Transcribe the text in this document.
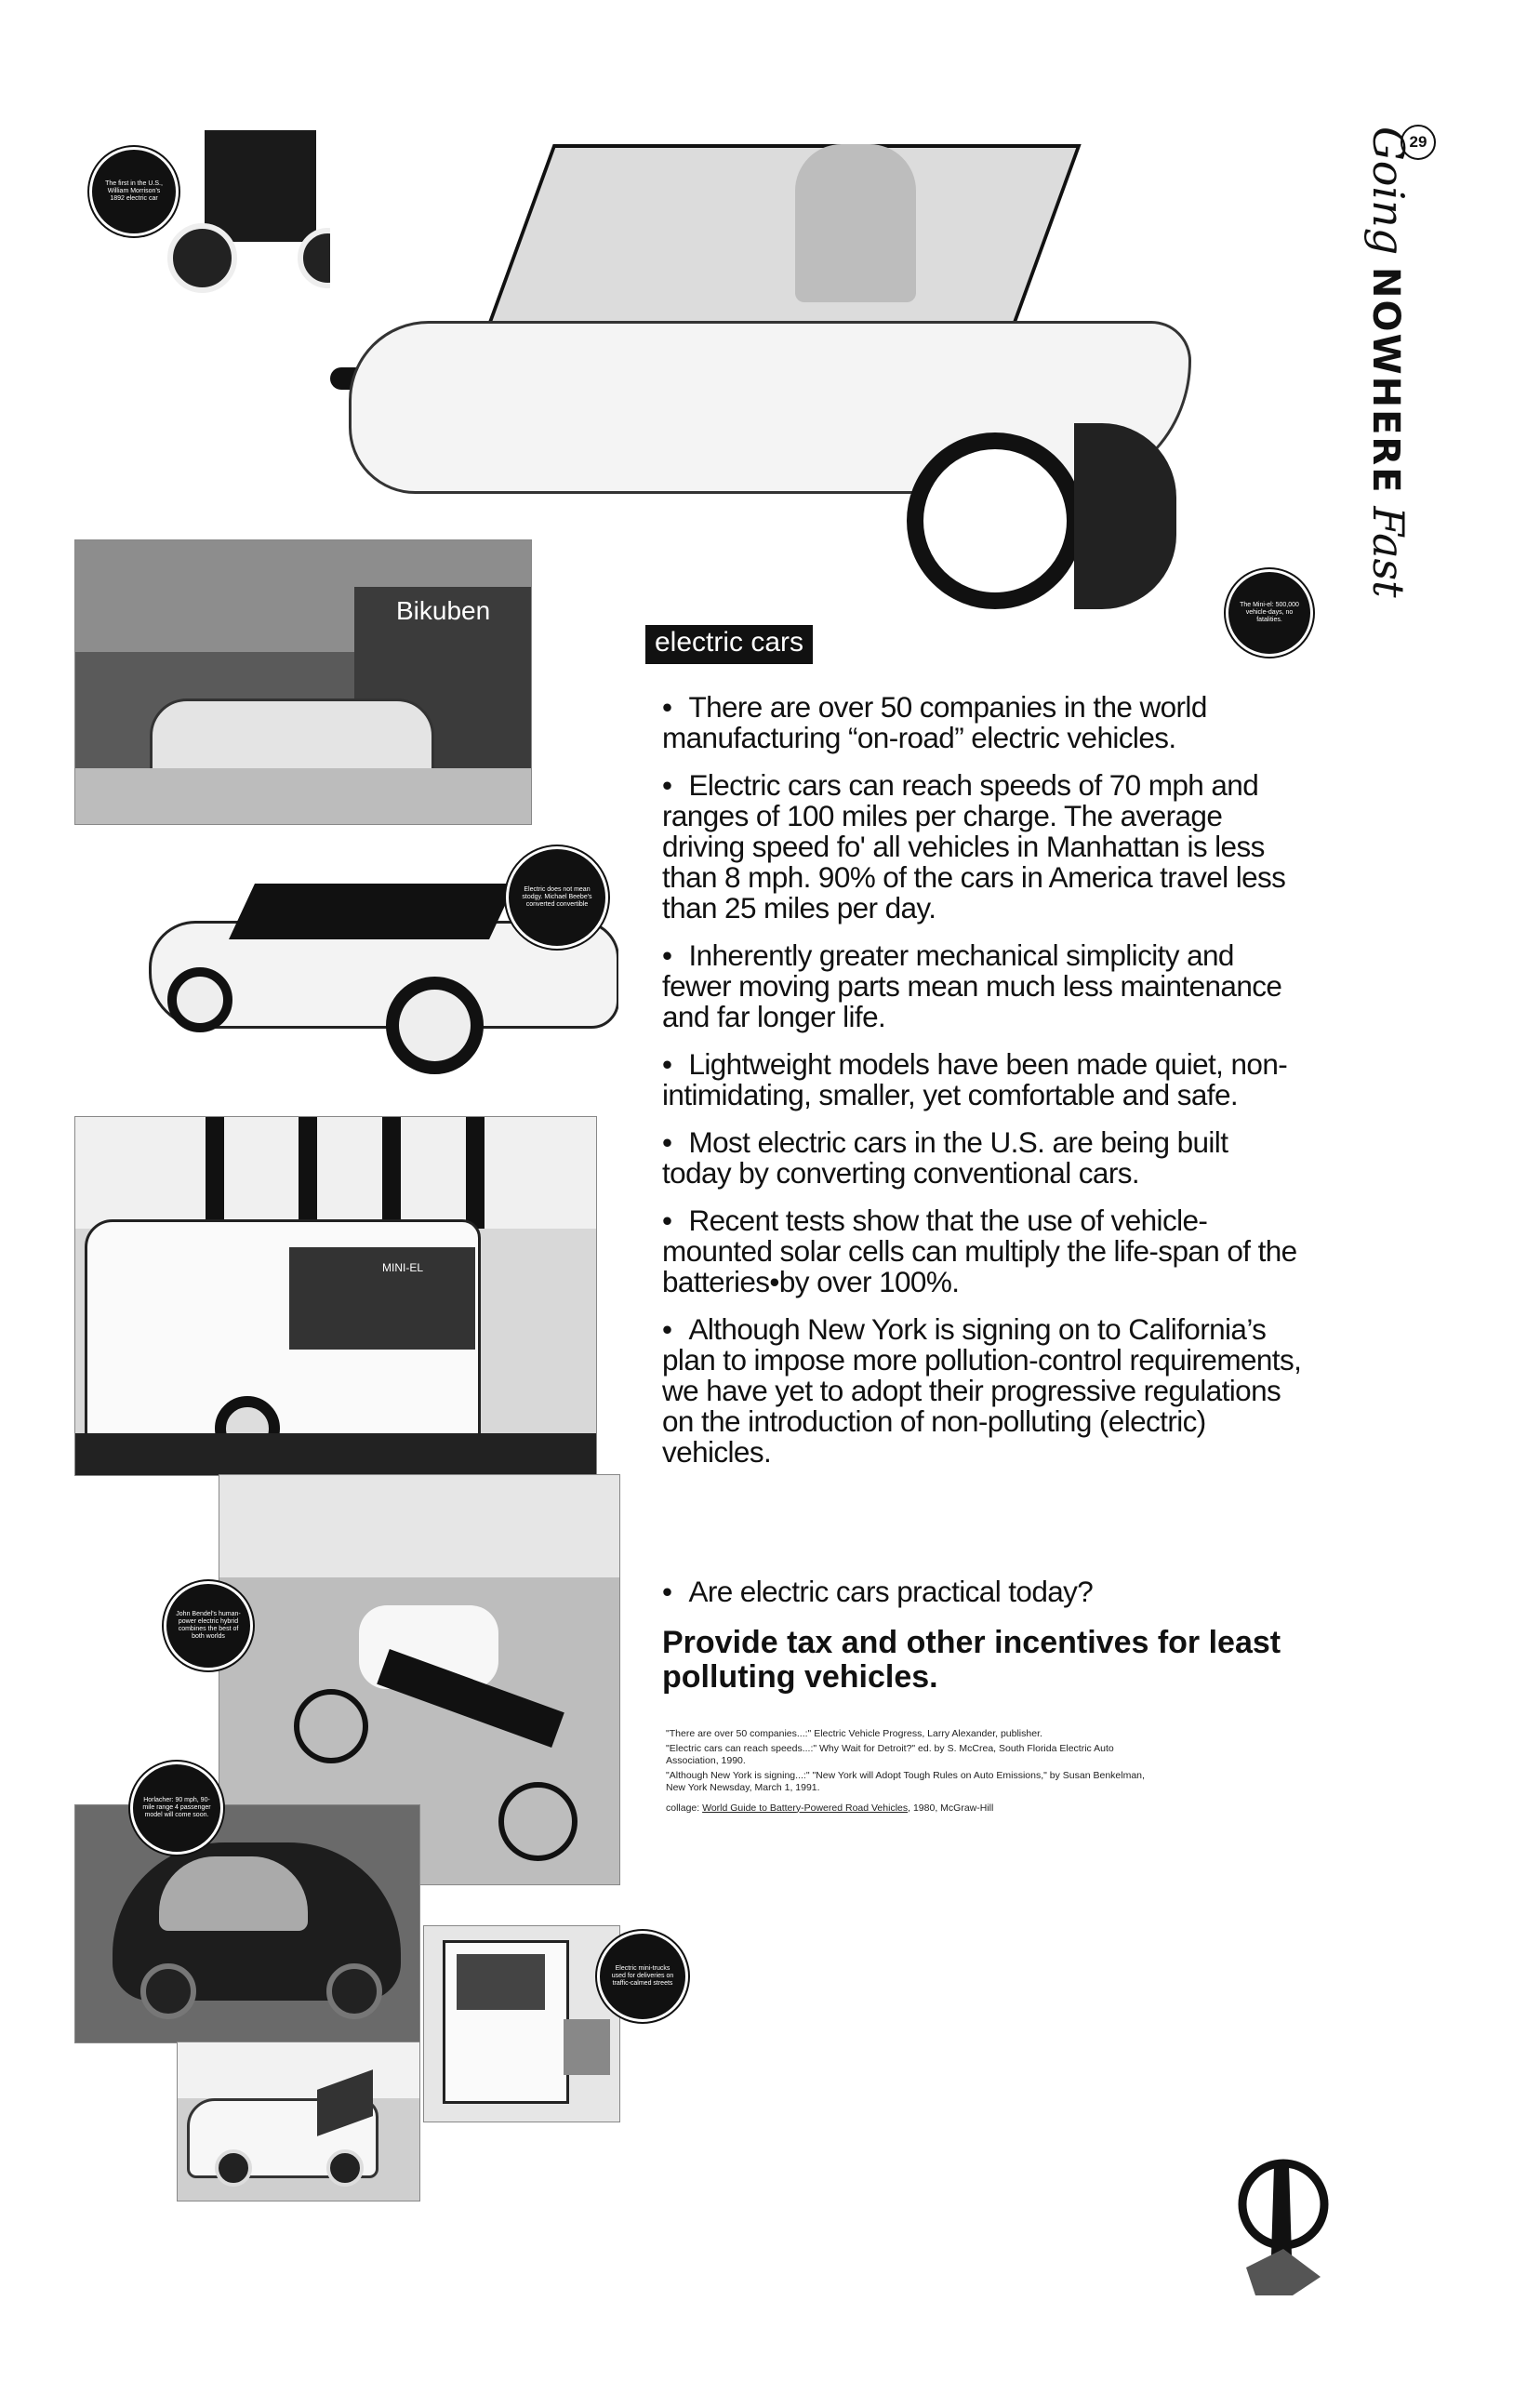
29
Going NOWHERE Fast
The first in the U.S., William Morrison's 1892 electric car
The Mini-el: 500,000 vehicle-days, no fatalities.
Bikuben
Electric does not mean stodgy. Michael Beebe's converted convertible
MINI-EL
John Bendel's human-power electric hybrid combines the best of both worlds
Horlacher: 90 mph, 90-mile range 4 passenger model will come soon.
Electric mini-trucks used for deliveries on traffic-calmed streets
electric cars
• There are over 50 companies in the world manufacturing “on-road” electric vehicles.
• Electric cars can reach speeds of 70 mph and ranges of 100 miles per charge. The average driving speed fo' all vehicles in Manhattan is less than 8 mph. 90% of the cars in America travel less than 25 miles per day.
• Inherently greater mechanical simplicity and fewer moving parts mean much less maintenance and far longer life.
• Lightweight models have been made quiet, non-intimidating, smaller, yet comfortable and safe.
• Most electric cars in the U.S. are being built today by converting conventional cars.
• Recent tests show that the use of vehicle-mounted solar cells can multiply the life-span of the batteries•by over 100%.
• Although New York is signing on to California’s plan to impose more pollution-control requirements, we have yet to adopt their progressive regulations on the introduction of non-polluting (electric) vehicles.
• Are electric cars practical today?
Provide tax and other incentives for least polluting vehicles.

"There are over 50 companies...:" Electric Vehicle Progress, Larry Alexander, publisher.

"Electric cars can reach speeds...:" Why Wait for Detroit?" ed. by S. McCrea, South Florida Electric Auto Association, 1990.

"Although New York is signing...:" "New York will Adopt Tough Rules on Auto Emissions," by Susan Benkelman, New York Newsday, March 1, 1991.

collage: World Guide to Battery-Powered Road Vehicles, 1980, McGraw-Hill
